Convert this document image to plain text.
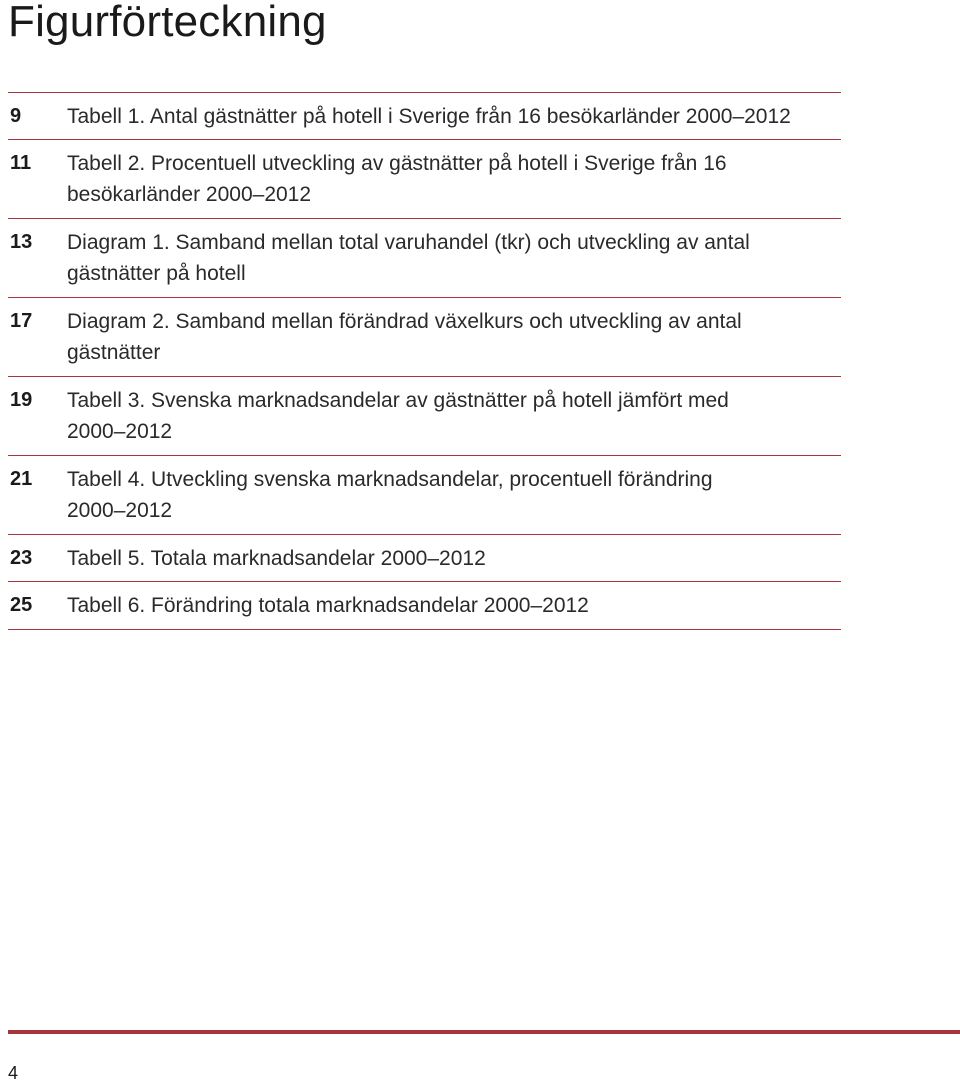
Figurförteckning
9 Tabell 1. Antal gästnätter på hotell i Sverige från 16 besökarländer 2000–2012
11 Tabell 2. Procentuell utveckling av gästnätter på hotell i Sverige från 16
besökarländer 2000–2012
13 Diagram 1. Samband mellan total varuhandel (tkr) och utveckling av antal
gästnätter på hotell
17 Diagram 2. Samband mellan förändrad växelkurs och utveckling av antal
gästnätter
19 Tabell 3. Svenska marknadsandelar av gästnätter på hotell jämfört med
2000–2012
21 Tabell 4. Utveckling svenska marknadsandelar, procentuell förändring
2000–2012
23 Tabell 5. Totala marknadsandelar 2000–2012
25 Tabell 6. Förändring totala marknadsandelar 2000–2012
4
